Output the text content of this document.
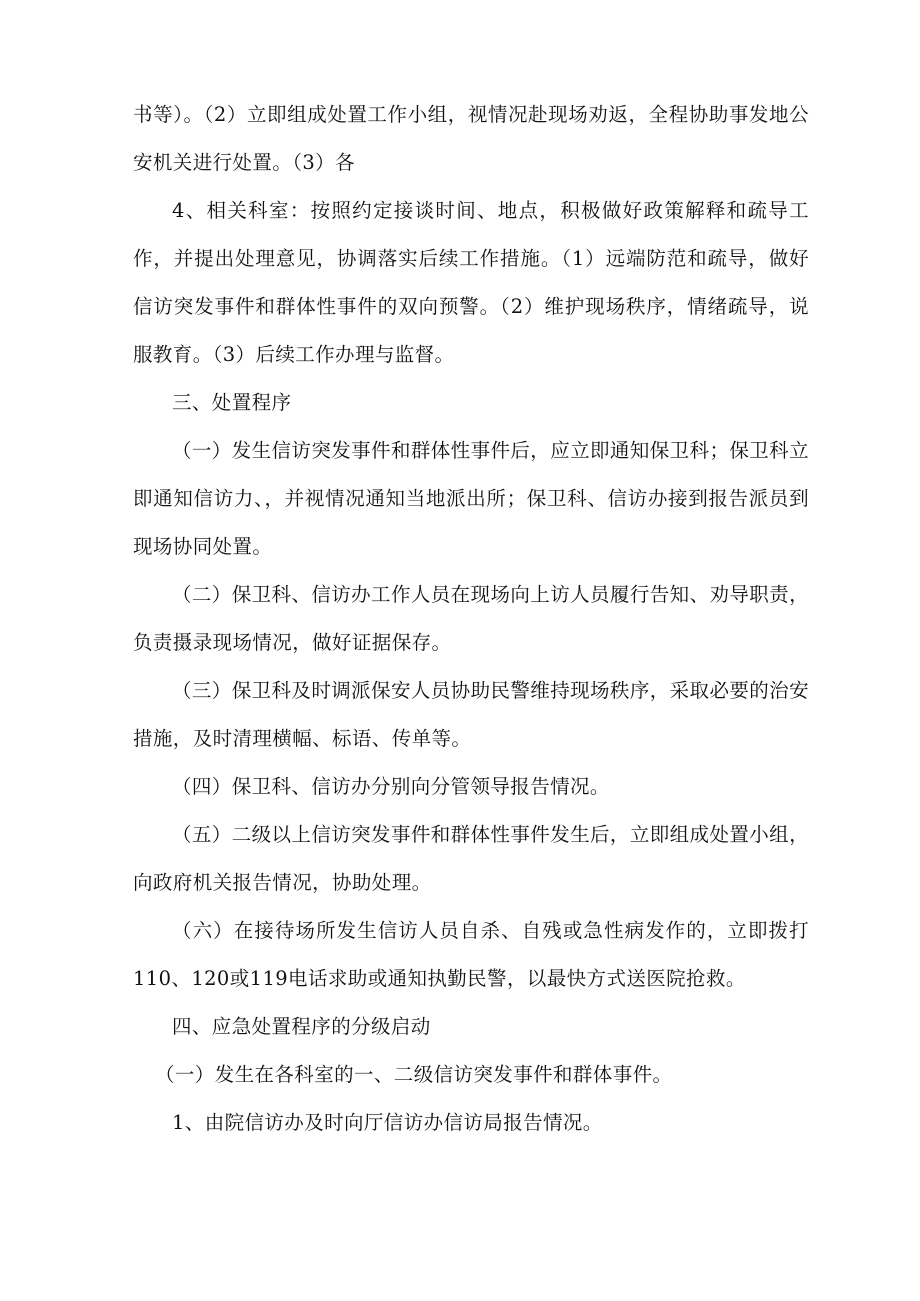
书等）。（2）立即组成处置工作小组，视情况赴现场劝返，全程协助事发地公安机关进行处置。（3）各

4、相关科室：按照约定接谈时间、地点，积极做好政策解释和疏导工作，并提出处理意见，协调落实后续工作措施。（1）远端防范和疏导，做好信访突发事件和群体性事件的双向预警。（2）维护现场秩序，情绪疏导，说服教育。（3）后续工作办理与监督。

三、处置程序

（一）发生信访突发事件和群体性事件后，应立即通知保卫科；保卫科立即通知信访力、，并视情况通知当地派出所；保卫科、信访办接到报告派员到现场协同处置。

（二）保卫科、信访办工作人员在现场向上访人员履行告知、劝导职责，负责摄录现场情况，做好证据保存。

（三）保卫科及时调派保安人员协助民警维持现场秩序，采取必要的治安措施，及时清理横幅、标语、传单等。

（四）保卫科、信访办分别向分管领导报告情况。

（五）二级以上信访突发事件和群体性事件发生后，立即组成处置小组，向政府机关报告情况，协助处理。

（六）在接待场所发生信访人员自杀、自残或急性病发作的，立即拨打110、120或119电话求助或通知执勤民警，以最快方式送医院抢救。

四、应急处置程序的分级启动

（一）发生在各科室的一、二级信访突发事件和群体事件。

1、由院信访办及时向厅信访办信访局报告情况。
